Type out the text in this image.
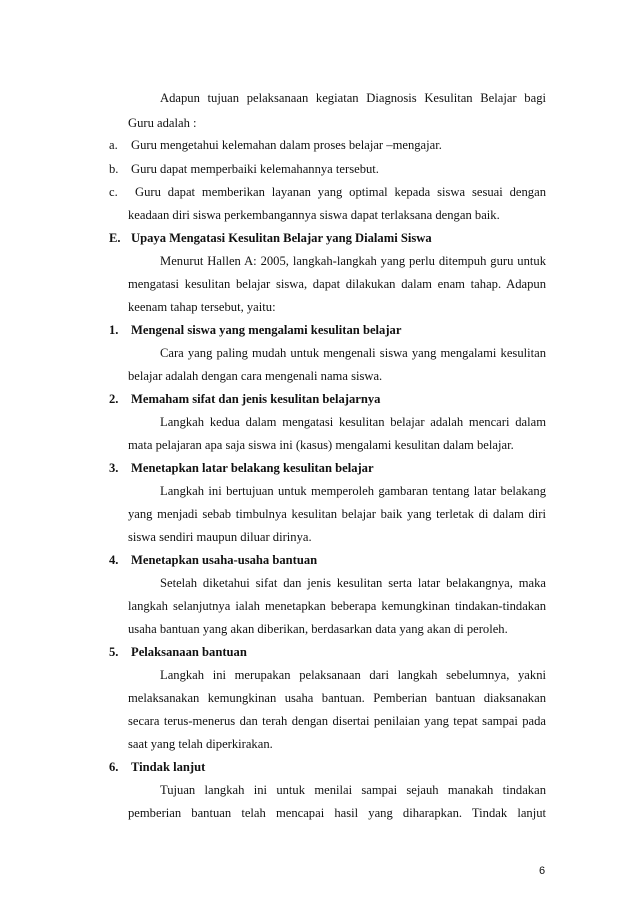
Adapun tujuan pelaksanaan kegiatan Diagnosis Kesulitan Belajar bagi
Guru adalah :
a. Guru mengetahui kelemahan dalam proses belajar –mengajar.
b. Guru dapat memperbaiki kelemahannya tersebut.
c. Guru dapat memberikan layanan yang optimal kepada siswa sesuai dengan
keadaan diri siswa perkembangannya siswa dapat terlaksana dengan baik.
E. Upaya Mengatasi Kesulitan Belajar yang Dialami Siswa
Menurut Hallen A: 2005, langkah-langkah yang perlu ditempuh guru untuk
mengatasi kesulitan belajar siswa, dapat dilakukan dalam enam tahap. Adapun
keenam tahap tersebut, yaitu:
1. Mengenal siswa yang mengalami kesulitan belajar
Cara yang paling mudah untuk mengenali siswa yang mengalami kesulitan
belajar adalah dengan cara mengenali nama siswa.
2. Memaham sifat dan jenis kesulitan belajarnya
Langkah kedua dalam mengatasi kesulitan belajar adalah mencari dalam
mata pelajaran apa saja siswa ini (kasus) mengalami kesulitan dalam belajar.
3. Menetapkan latar belakang kesulitan belajar
Langkah ini bertujuan untuk memperoleh gambaran tentang latar belakang
yang menjadi sebab timbulnya kesulitan belajar baik yang terletak di dalam diri
siswa sendiri maupun diluar dirinya.
4. Menetapkan usaha-usaha bantuan
Setelah diketahui sifat dan jenis kesulitan serta latar belakangnya, maka
langkah selanjutnya ialah menetapkan beberapa kemungkinan tindakan-tindakan
usaha bantuan yang akan diberikan, berdasarkan data yang akan di peroleh.
5. Pelaksanaan bantuan
Langkah ini merupakan pelaksanaan dari langkah sebelumnya, yakni
melaksanakan kemungkinan usaha bantuan. Pemberian bantuan diaksanakan
secara terus-menerus dan terah dengan disertai penilaian yang tepat sampai pada
saat yang telah diperkirakan.
6. Tindak lanjut
Tujuan langkah ini untuk menilai sampai sejauh manakah tindakan
pemberian bantuan telah mencapai hasil yang diharapkan. Tindak lanjut
6
